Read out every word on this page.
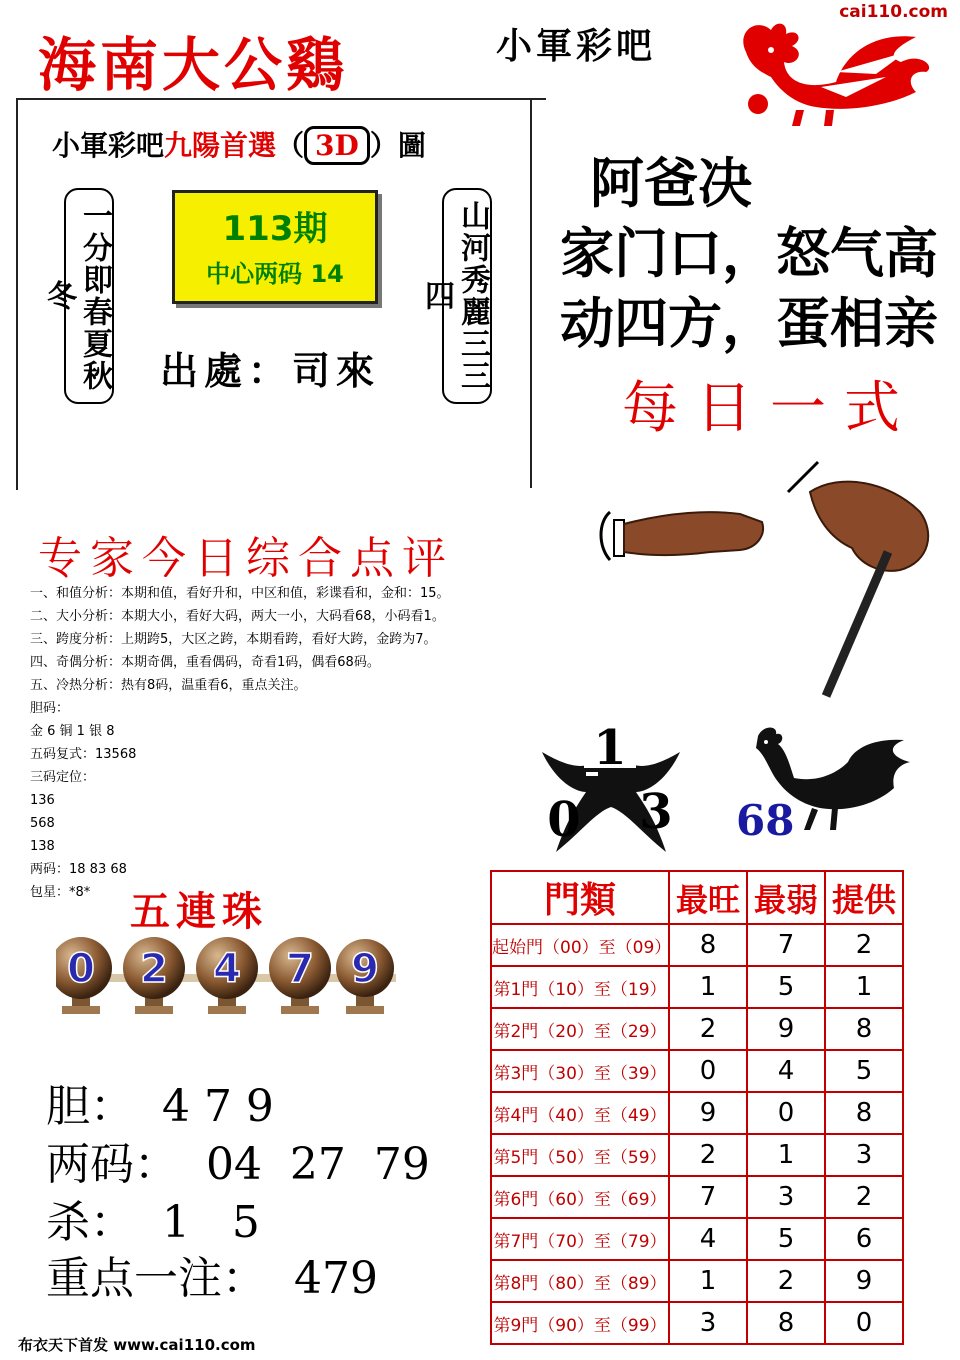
cai110.com
海南大公鷄	小軍彩吧
小軍彩吧九陽首選（ 3D ）圖
一分即春夏秋冬	山河秀麗三三四
113期
中心两码 14
出處：司來
阿爸决
家门口，怒气高
动四方，蛋相亲
每日一式
专家今日综合点评
一、和值分析：本期和值，看好升和，中区和值，彩谍看和，金和：15。
二、大小分析：本期大小，看好大码，两大一小，大码看68，小码看1。
三、跨度分析：上期跨5，大区之跨，本期看跨，看好大跨，金跨为7。
四、奇偶分析：本期奇偶，重看偶码，奇看1码，偶看68码。
五、冷热分析：热有8码，温重看6，重点关注。
胆码：
金 6 铜 1 银 8
五码复式：13568
三码定位：
136
568
138
两码：18 83 68
包星：*8* 五連珠
0 2 4 7 9
1
0 3 68
胆：  4 7 9
两码：  04  27  79
杀：  1   5
重点一注：  479
門類	最旺	最弱	提供
起始門（00）至（09）	8	7	2
第1門（10）至（19）	1	5	1
第2門（20）至（29）	2	9	8
第3門（30）至（39）	0	4	5
第4門（40）至（49）	9	0	8
第5門（50）至（59）	2	1	3
第6門（60）至（69）	7	3	2
第7門（70）至（79）	4	5	6
第8門（80）至（89）	1	2	9
第9門（90）至（99）	3	8	0
布衣天下首发 www.cai110.com
